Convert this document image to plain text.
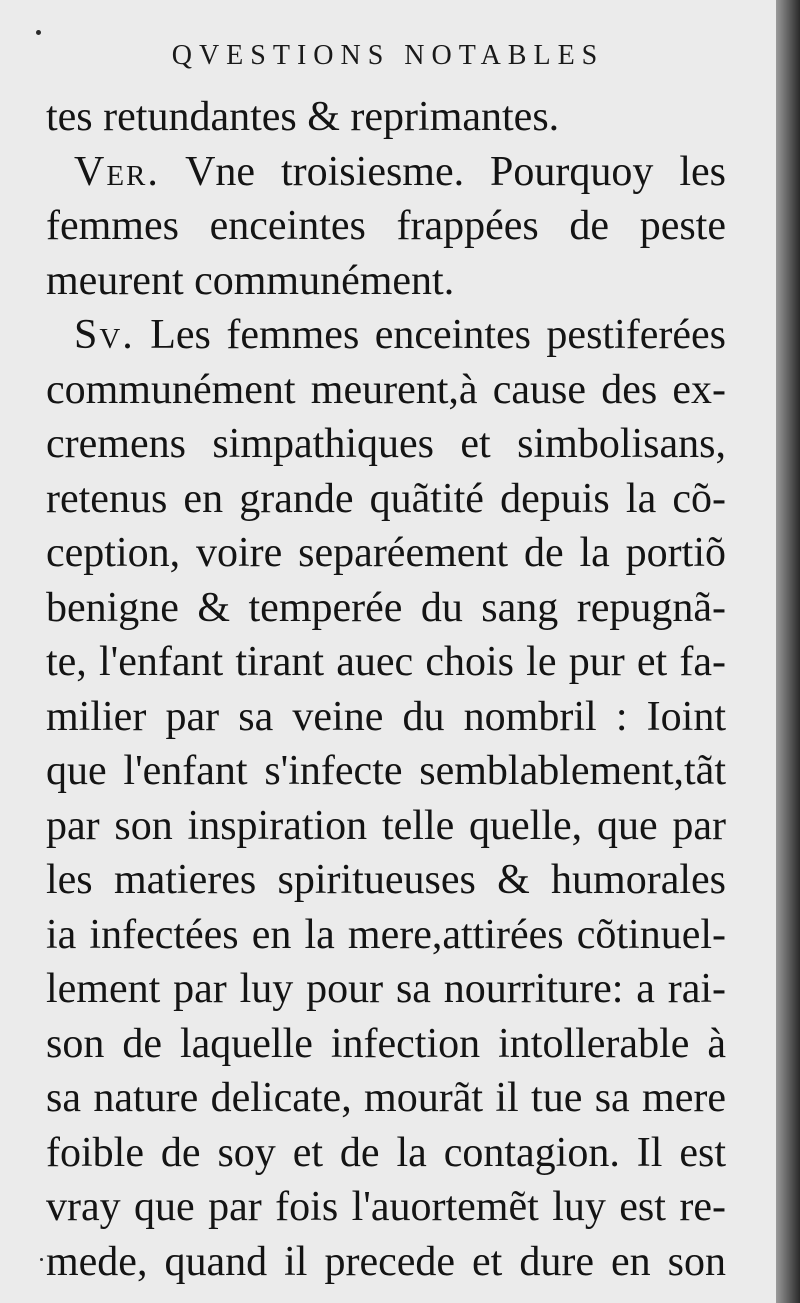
QVESTIONS NOTABLES
tes retundantes & reprimantes.
Ver. Vne troisiesme. Pourquoy les
femmes enceintes frappées de peste
meurent communément.
Sv. Les femmes enceintes pestiferées
communément meurent,à cause des ex-
cremens simpathiques et simbolisans,
retenus en grande quãtité depuis la cõ-
ception, voire separéement de la portiõ
benigne & temperée du sang repugnã-
te, l'enfant tirant auec chois le pur et fa-
milier par sa veine du nombril : Ioint
que l'enfant s'infecte semblablement,tãt
par son inspiration telle quelle, que par
les matieres spiritueuses & humorales
ia infectées en la mere,attirées cõtinuel-
lement par luy pour sa nourriture: a rai-
son de laquelle infection intollerable à
sa nature delicate, mourãt il tue sa mere
foible de soy et de la contagion. Il est
vray que par fois l'auortemẽt luy est re-
mede, quand il precede et dure en son
